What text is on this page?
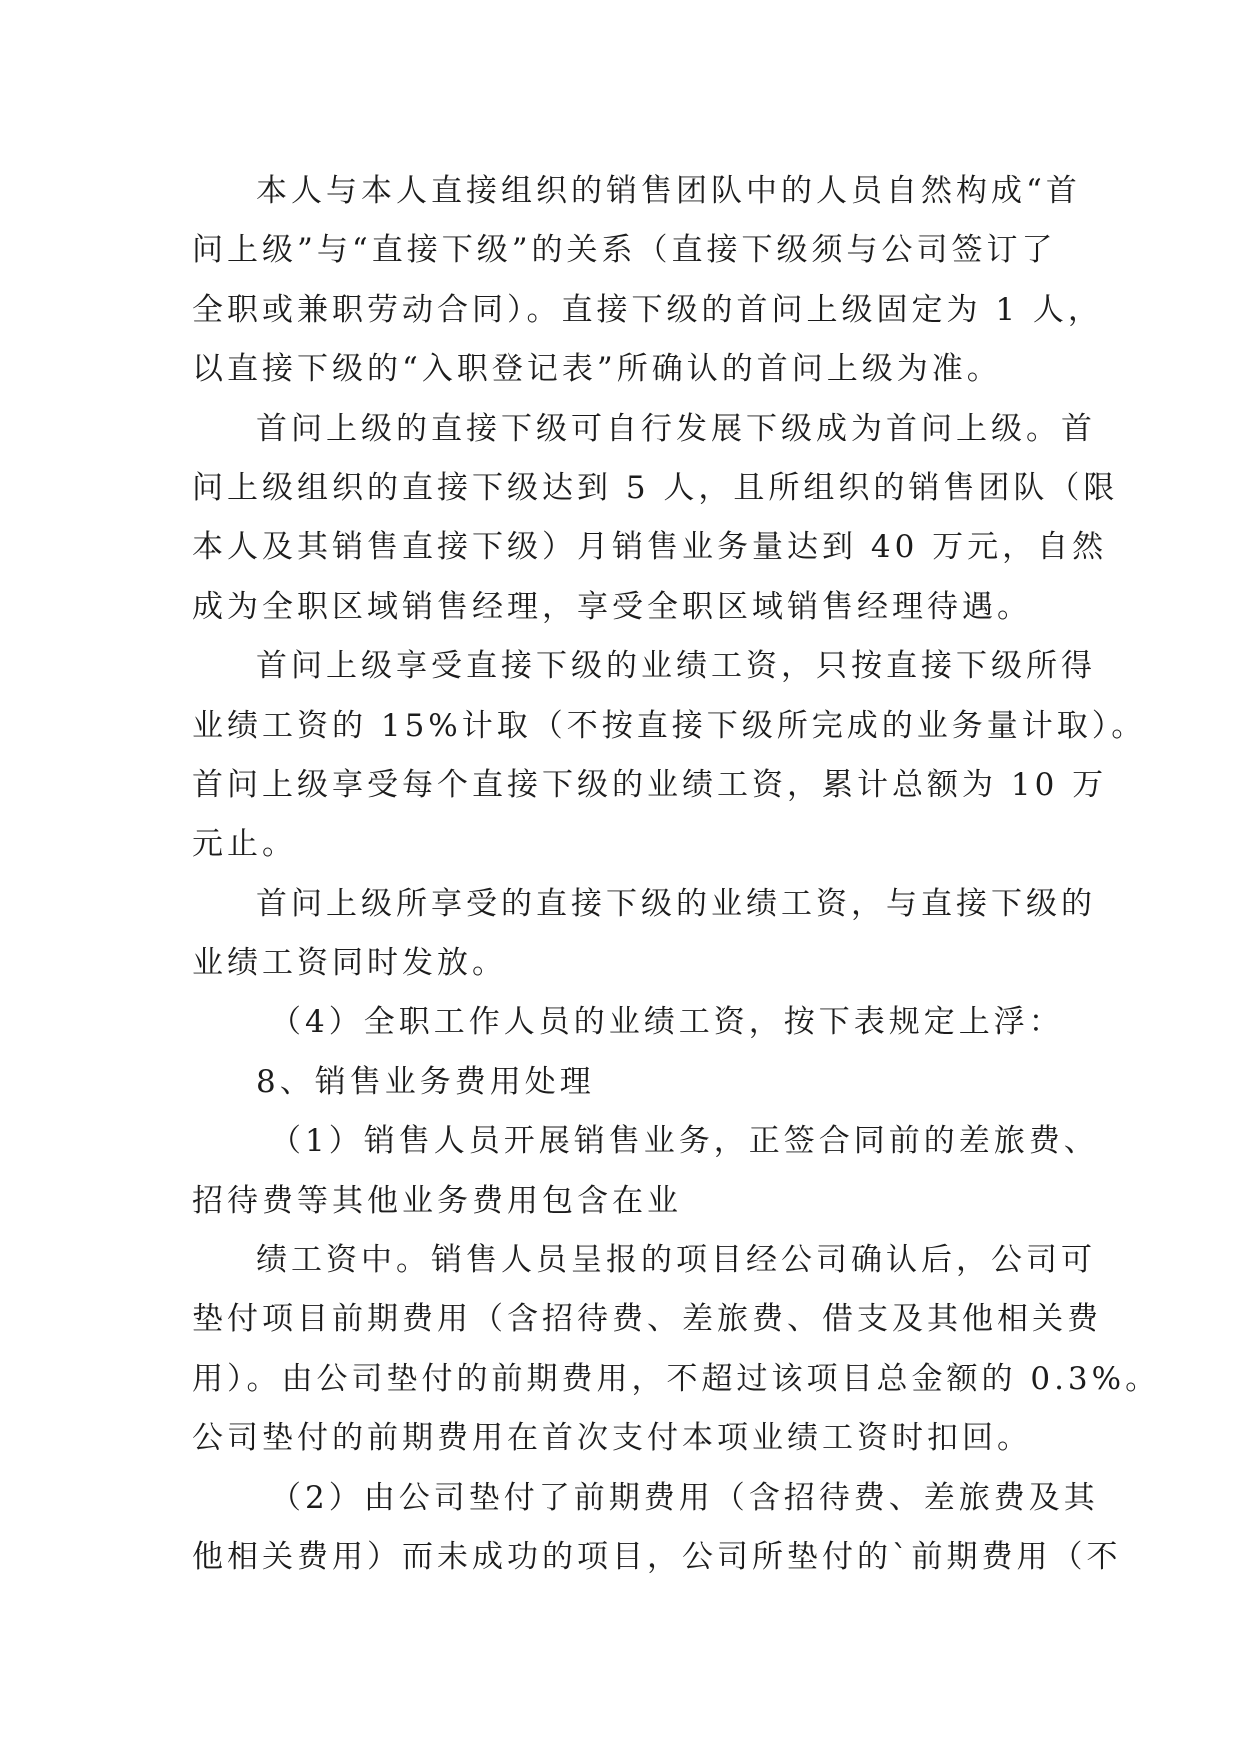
本人与本人直接组织的销售团队中的人员自然构成“首
问上级”与“直接下级”的关系（直接下级须与公司签订了
全职或兼职劳动合同）。直接下级的首问上级固定为 1 人，
以直接下级的“入职登记表”所确认的首问上级为准。
首问上级的直接下级可自行发展下级成为首问上级。首
问上级组织的直接下级达到 5 人，且所组织的销售团队（限
本人及其销售直接下级）月销售业务量达到 40 万元，自然
成为全职区域销售经理，享受全职区域销售经理待遇。
首问上级享受直接下级的业绩工资，只按直接下级所得
业绩工资的 15%计取（不按直接下级所完成的业务量计取）。
首问上级享受每个直接下级的业绩工资，累计总额为 10 万
元止。
首问上级所享受的直接下级的业绩工资，与直接下级的
业绩工资同时发放。
（4）全职工作人员的业绩工资，按下表规定上浮：
8、销售业务费用处理
（1）销售人员开展销售业务，正签合同前的差旅费、
招待费等其他业务费用包含在业
绩工资中。销售人员呈报的项目经公司确认后，公司可
垫付项目前期费用（含招待费、差旅费、借支及其他相关费
用）。由公司垫付的前期费用，不超过该项目总金额的 0.3%。
公司垫付的前期费用在首次支付本项业绩工资时扣回。
（2）由公司垫付了前期费用（含招待费、差旅费及其
他相关费用）而未成功的项目，公司所垫付的`前期费用（不
